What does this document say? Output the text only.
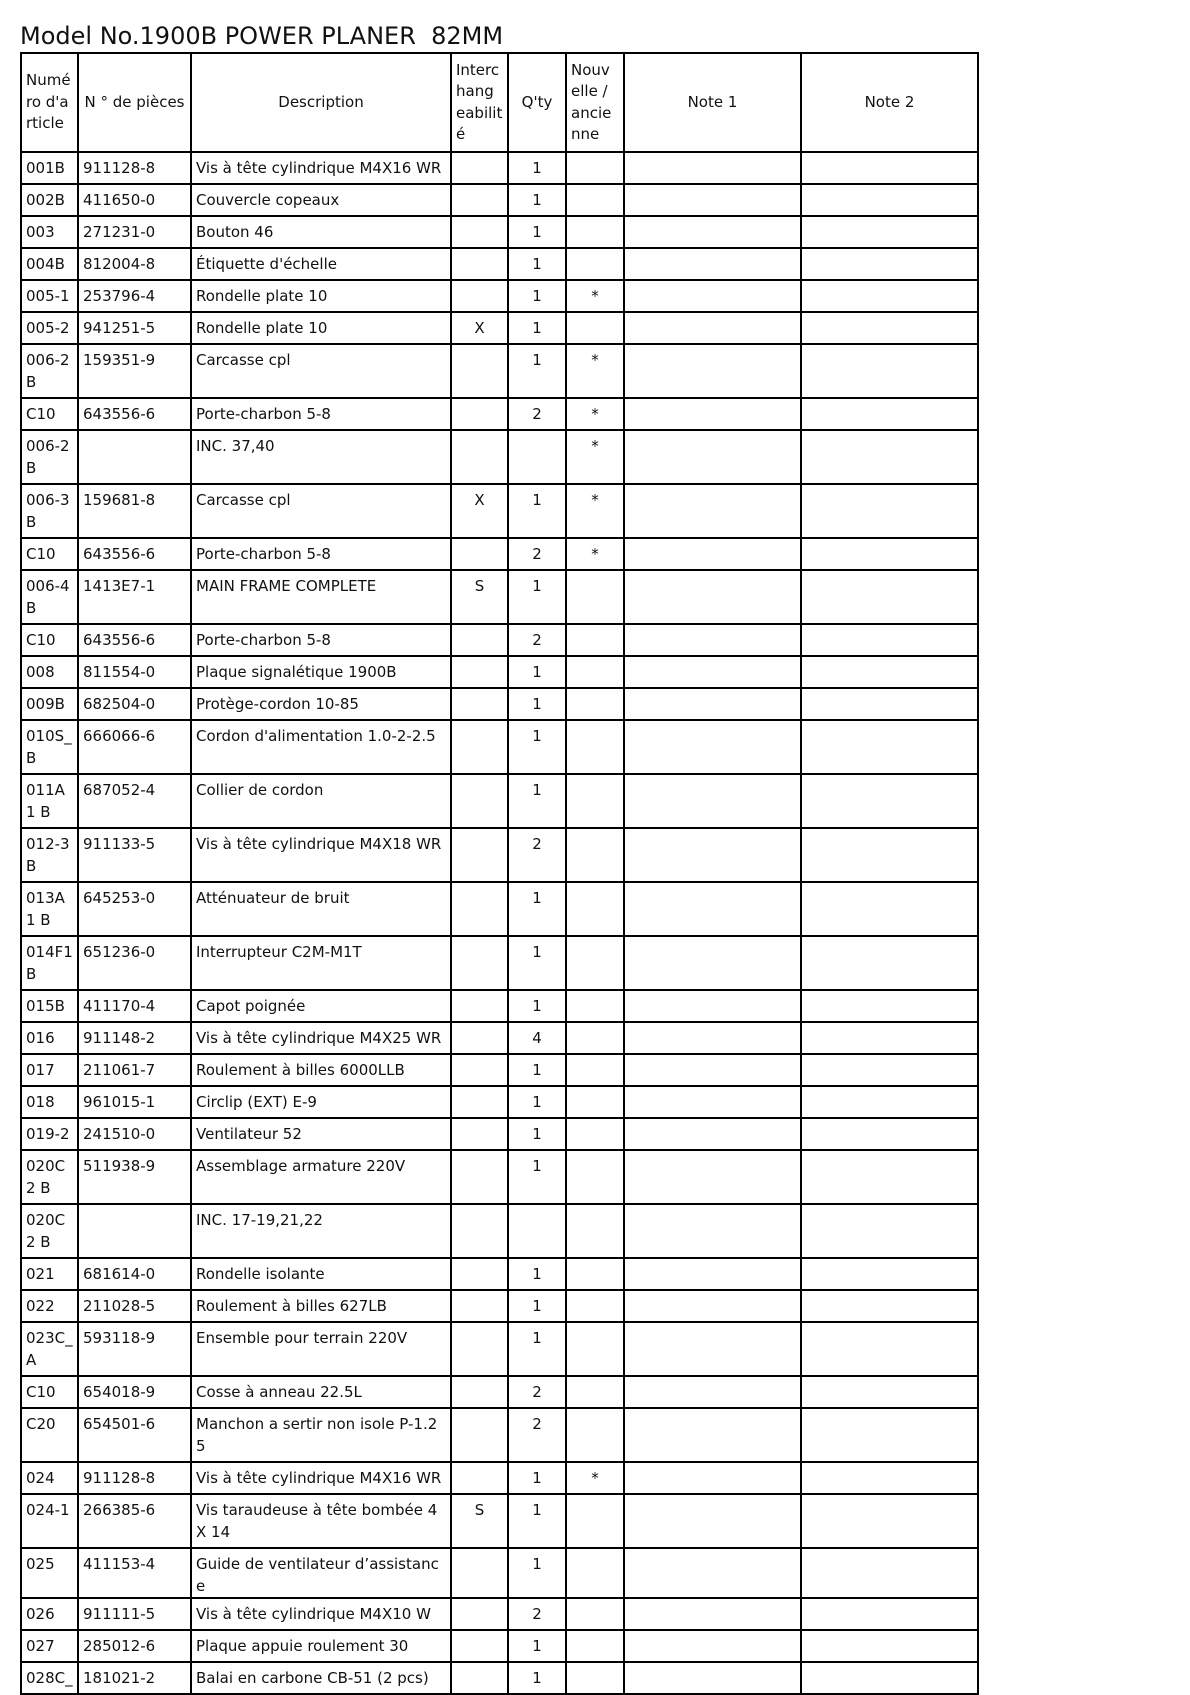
Model No.1900B POWER PLANER  82MM
Numé ro d'a rticle	N ° de pièces	Description	Interc hang eabilit é	Q'ty	Nouv elle / ancie nne	Note 1	Note 2
001B	911128-8	Vis à tête cylindrique M4X16 WR		1			
002B	411650-0	Couvercle copeaux		1			
003	271231-0	Bouton 46		1			
004B	812004-8	Étiquette d'échelle		1			
005-1	253796-4	Rondelle plate 10		1	*		
005-2	941251-5	Rondelle plate 10	X	1			
006-2 B	159351-9	Carcasse cpl		1	*		
C10	643556-6	Porte-charbon 5-8		2	*		
006-2 B		INC. 37,40			*		
006-3 B	159681-8	Carcasse cpl	X	1	*		
C10	643556-6	Porte-charbon 5-8		2	*		
006-4 B	1413E7-1	MAIN FRAME COMPLETE	S	1			
C10	643556-6	Porte-charbon 5-8		2			
008	811554-0	Plaque signalétique 1900B		1			
009B	682504-0	Protège-cordon 10-85		1			
010S_ B	666066-6	Cordon d'alimentation 1.0-2-2.5		1			
011A1 B	687052-4	Collier de cordon		1			
012-3 B	911133-5	Vis à tête cylindrique M4X18 WR		2			
013A1 B	645253-0	Atténuateur de bruit		1			
014F1 B	651236-0	Interrupteur C2M-M1T		1			
015B	411170-4	Capot poignée		1			
016	911148-2	Vis à tête cylindrique M4X25 WR		4			
017	211061-7	Roulement à billes 6000LLB		1			
018	961015-1	Circlip (EXT) E-9		1			
019-2	241510-0	Ventilateur 52		1			
020C2 B	511938-9	Assemblage armature 220V		1			
020C2 B		INC. 17-19,21,22					
021	681614-0	Rondelle isolante		1			
022	211028-5	Roulement à billes 627LB		1			
023C_ A	593118-9	Ensemble pour terrain 220V		1			
C10	654018-9	Cosse à anneau 22.5L		2			
C20	654501-6	Manchon a sertir non isole P-1.2 5		2			
024	911128-8	Vis à tête cylindrique M4X16 WR		1	*		
024-1	266385-6	Vis taraudeuse à tête bombée 4X 14	S	1			
025	411153-4	Guide de ventilateur d’assistance		1			
026	911111-5	Vis à tête cylindrique M4X10 W		2			
027	285012-6	Plaque appuie roulement 30		1			
028C_	181021-2	Balai en carbone CB-51 (2 pcs)		1			
